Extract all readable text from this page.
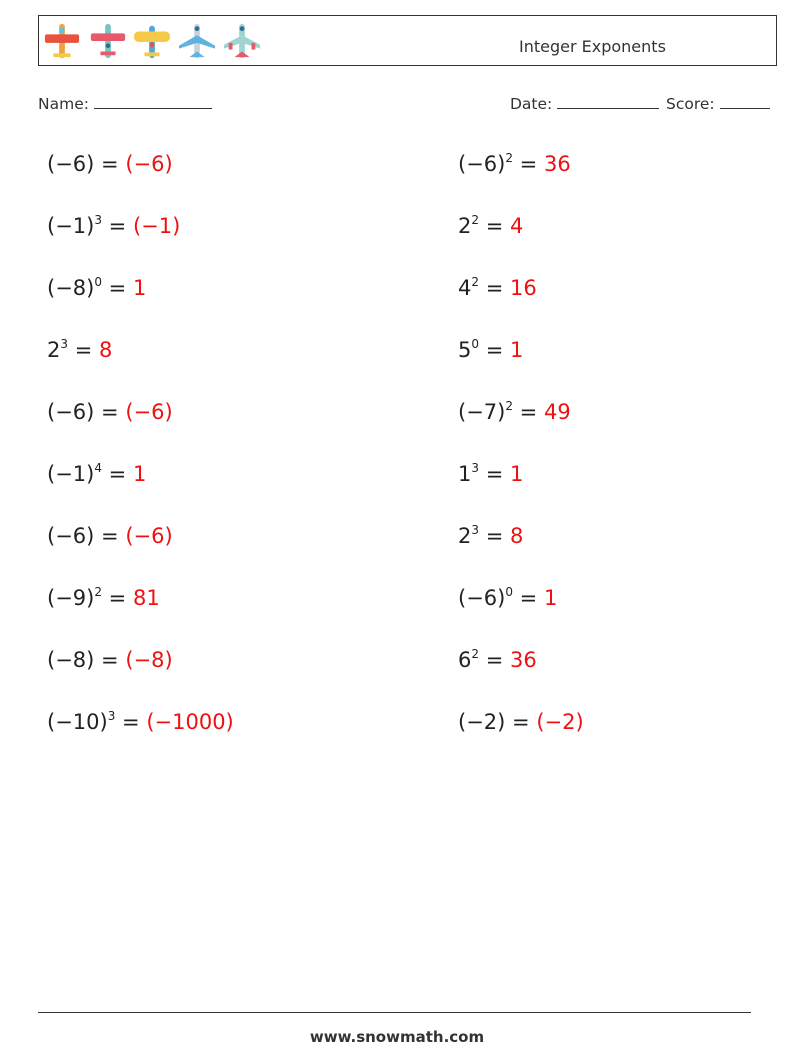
Integer Exponents
Name:	Date:	Score:
(−6) = (−6)
$(-1)^3 = (-1)$
$(-8)^0 = 1$
$2^3 = 8$
(−6) = (−6)
$(-1)^4 = 1$
(−6) = (−6)
$(-9)^2 = 81$
(−8) = (−8)
$(-10)^3 = (-1000)$
$(-6)^2 = 36$
$2^2 = 4$
$4^2 = 16$
$5^0 = 1$
$(-7)^2 = 49$
$1^3 = 1$
$2^3 = 8$
$(-6)^0 = 1$
$6^2 = 36$
(−2) = (−2)
www.snowmath.com
